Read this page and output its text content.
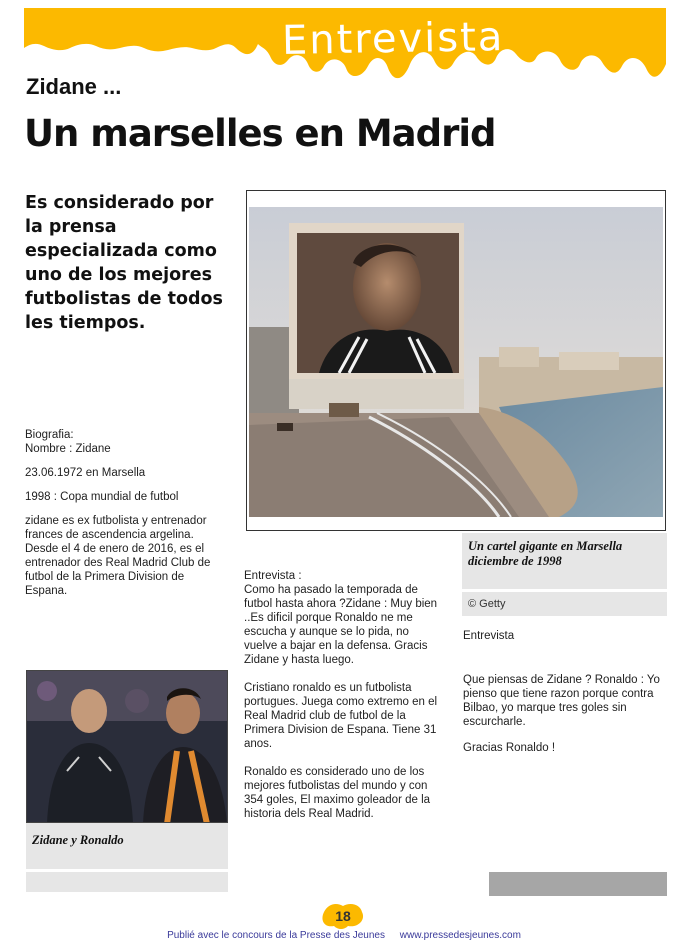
Entrevista
Zidane ...
Un marselles en Madrid
Es considerado por la prensa especializada como uno de los mejores futbolistas de todos les tiempos.
Un cartel gigante en Marsella diciembre de 1998
© Getty

Biografia:
Nombre : Zidane

23.06.1972 en Marsella

1998 : Copa mundial de futbol

zidane es ex futbolista y entrenador frances de ascendencia argelina. Desde el 4 de enero de 2016, es el entrenador des Real Madrid Club de futbol de la Primera Division de Espana.

Entrevista :
Como ha pasado la temporada de futbol hasta ahora ?Zidane : Muy bien ..Es dificil porque Ronaldo ne me escucha y aunque se lo pida, no vuelve a bajar en la defensa. Gracis Zidane y hasta luego.

Cristiano ronaldo es un futbolista portugues. Juega como extremo en el Real Madrid club de futbol de la Primera Division de Espana. Tiene 31 anos.

Ronaldo es considerado uno de los mejores futbolistas del mundo y con 354 goles, El maximo goleador de la historia dels Real Madrid.

Entrevista

Que piensas de Zidane ? Ronaldo : Yo pienso que tiene razon porque contra Bilbao, yo marque tres goles sin escurcharle.

Gracias Ronaldo !

Zidane y Ronaldo
18
Publié avec le concours de la Presse des Jeunes www.pressedesjeunes.com
